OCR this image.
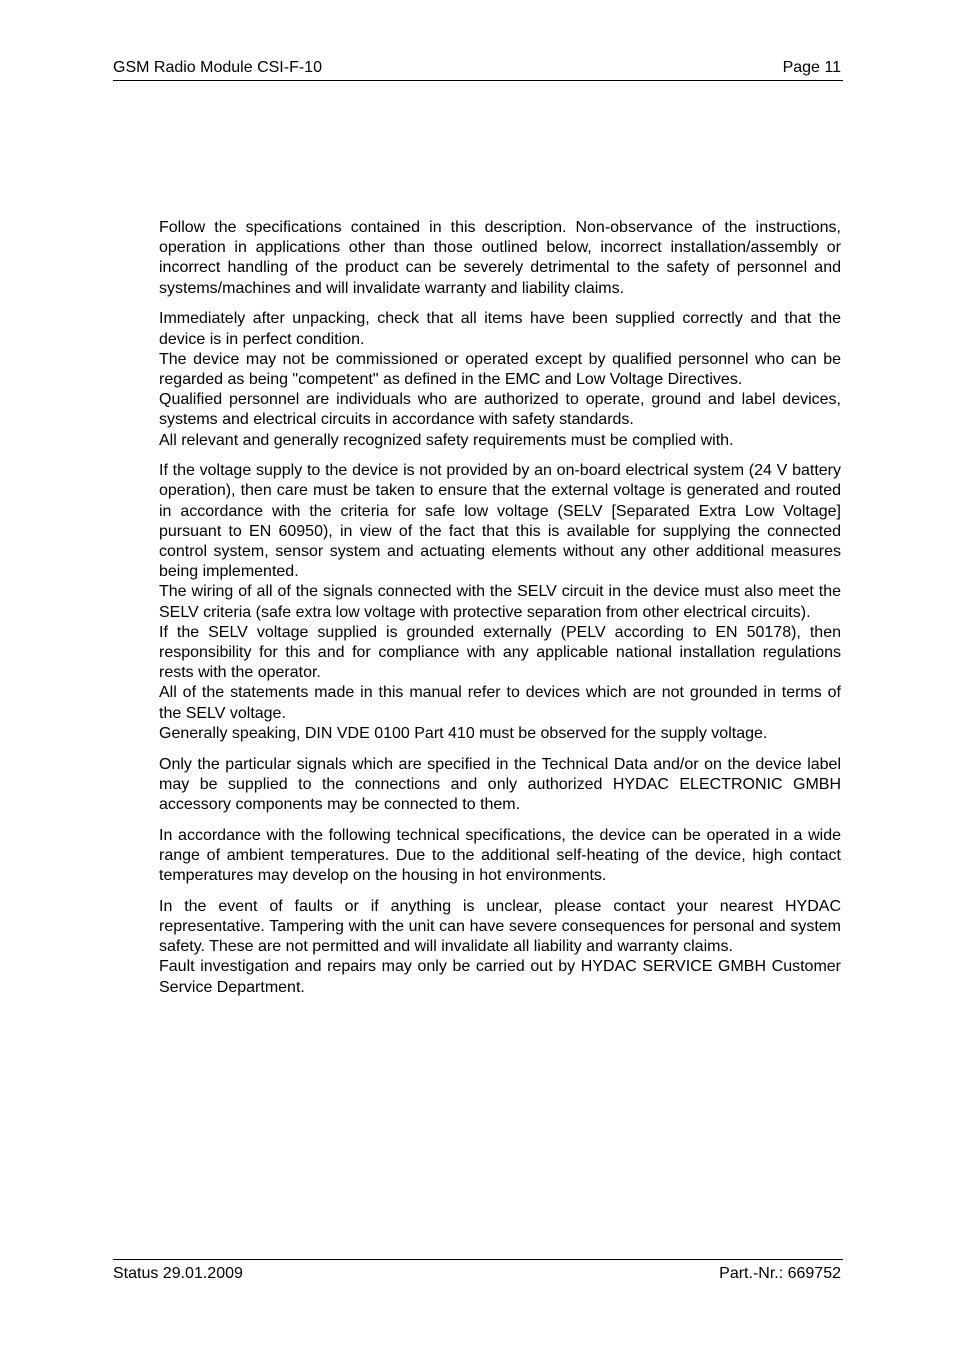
GSM Radio Module CSI-F-10	Page 11

Follow the specifications contained in this description. Non-observance of the instructions, operation in applications other than those outlined below, incorrect installation/assembly or incorrect handling of the product can be severely detrimental to the safety of personnel and systems/machines and will invalidate warranty and liability claims.

Immediately after unpacking, check that all items have been supplied correctly and that the device is in perfect condition.

The device may not be commissioned or operated except by qualified personnel who can be regarded as being "competent" as defined in the EMC and Low Voltage Directives.

Qualified personnel are individuals who are authorized to operate, ground and label devices, systems and electrical circuits in accordance with safety standards.

All relevant and generally recognized safety requirements must be complied with.

If the voltage supply to the device is not provided by an on-board electrical system (24 V battery operation), then care must be taken to ensure that the external voltage is generated and routed in accordance with the criteria for safe low voltage (SELV [Separated Extra Low Voltage] pursuant to EN 60950), in view of the fact that this is available for supplying the connected control system, sensor system and actuating elements without any other additional measures being implemented.

The wiring of all of the signals connected with the SELV circuit in the device must also meet the SELV criteria (safe extra low voltage with protective separation from other electrical circuits).

If the SELV voltage supplied is grounded externally (PELV according to EN 50178), then responsibility for this and for compliance with any applicable national installation regulations rests with the operator.

All of the statements made in this manual refer to devices which are not grounded in terms of the SELV voltage.

Generally speaking, DIN VDE 0100 Part 410 must be observed for the supply voltage.

Only the particular signals which are specified in the Technical Data and/or on the device label may be supplied to the connections and only authorized HYDAC ELECTRONIC GMBH accessory components may be connected to them.

In accordance with the following technical specifications, the device can be operated in a wide range of ambient temperatures. Due to the additional self-heating of the device, high contact temperatures may develop on the housing in hot environments.

In the event of faults or if anything is unclear, please contact your nearest HYDAC representative. Tampering with the unit can have severe consequences for personal and system safety. These are not permitted and will invalidate all liability and warranty claims.

Fault investigation and repairs may only be carried out by HYDAC SERVICE GMBH Customer Service Department.

Status 29.01.2009	Part.-Nr.: 669752
